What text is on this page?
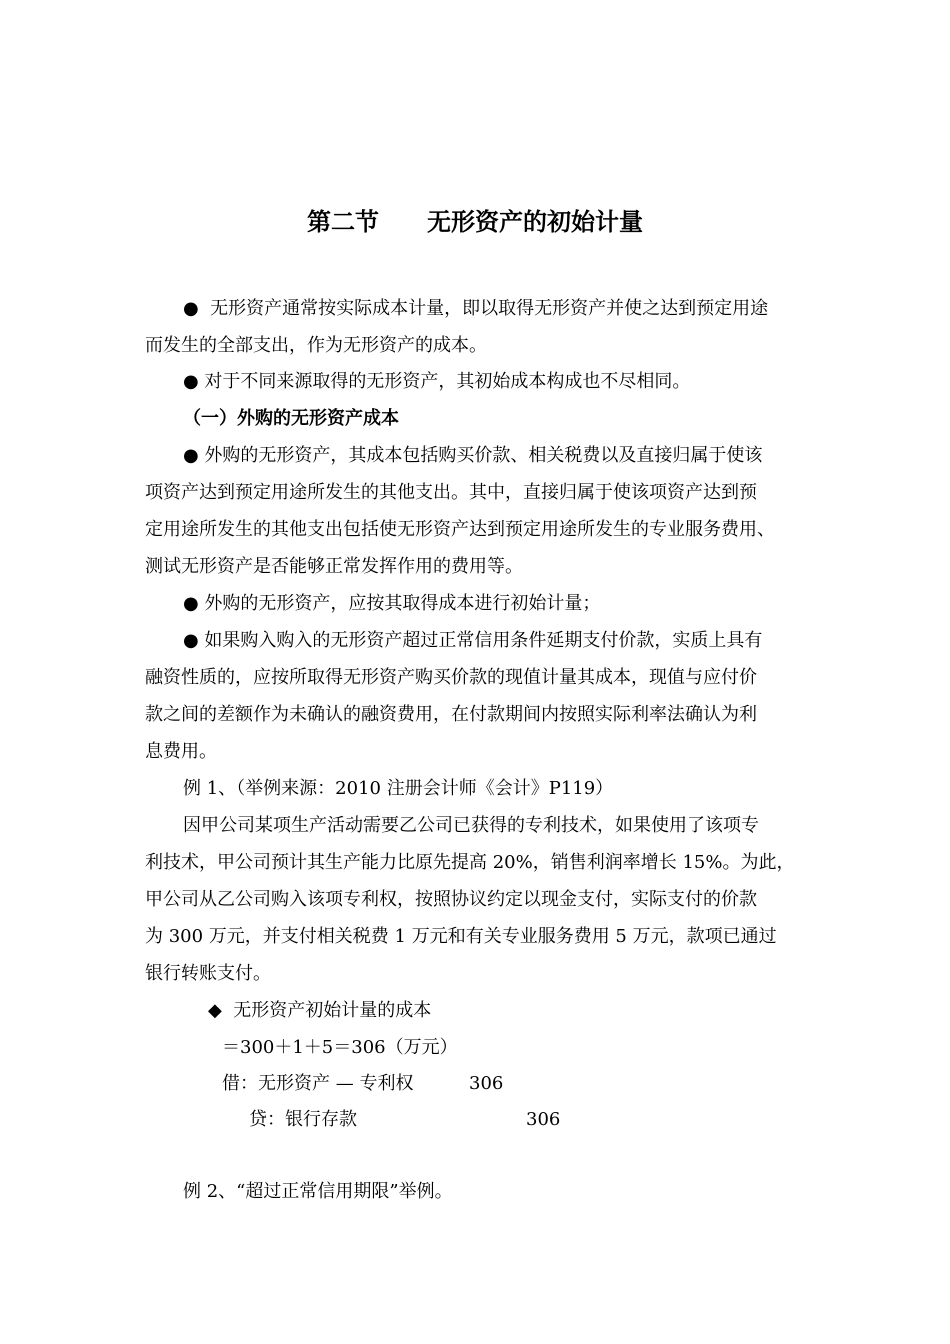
第二节　　无形资产的初始计量
●  无形资产通常按实际成本计量，即以取得无形资产并使之达到预定用途
而发生的全部支出，作为无形资产的成本。
● 对于不同来源取得的无形资产，其初始成本构成也不尽相同。
（一）外购的无形资产成本
● 外购的无形资产，其成本包括购买价款、相关税费以及直接归属于使该
项资产达到预定用途所发生的其他支出。其中，直接归属于使该项资产达到预
定用途所发生的其他支出包括使无形资产达到预定用途所发生的专业服务费用、
测试无形资产是否能够正常发挥作用的费用等。
● 外购的无形资产，应按其取得成本进行初始计量；
● 如果购入购入的无形资产超过正常信用条件延期支付价款，实质上具有
融资性质的，应按所取得无形资产购买价款的现值计量其成本，现值与应付价
款之间的差额作为未确认的融资费用，在付款期间内按照实际利率法确认为利
息费用。
例 1、（举例来源：2010 注册会计师《会计》P119）
因甲公司某项生产活动需要乙公司已获得的专利技术，如果使用了该项专
利技术，甲公司预计其生产能力比原先提高 20%，销售利润率增长 15%。为此，
甲公司从乙公司购入该项专利权，按照协议约定以现金支付，实际支付的价款
为 300 万元，并支付相关税费 1 万元和有关专业服务费用 5 万元，款项已通过
银行转账支付。
◆  无形资产初始计量的成本
＝300＋1＋5＝306（万元）
借：无形资产 — 专利权	306
贷：银行存款	306
例 2、“超过正常信用期限”举例。
